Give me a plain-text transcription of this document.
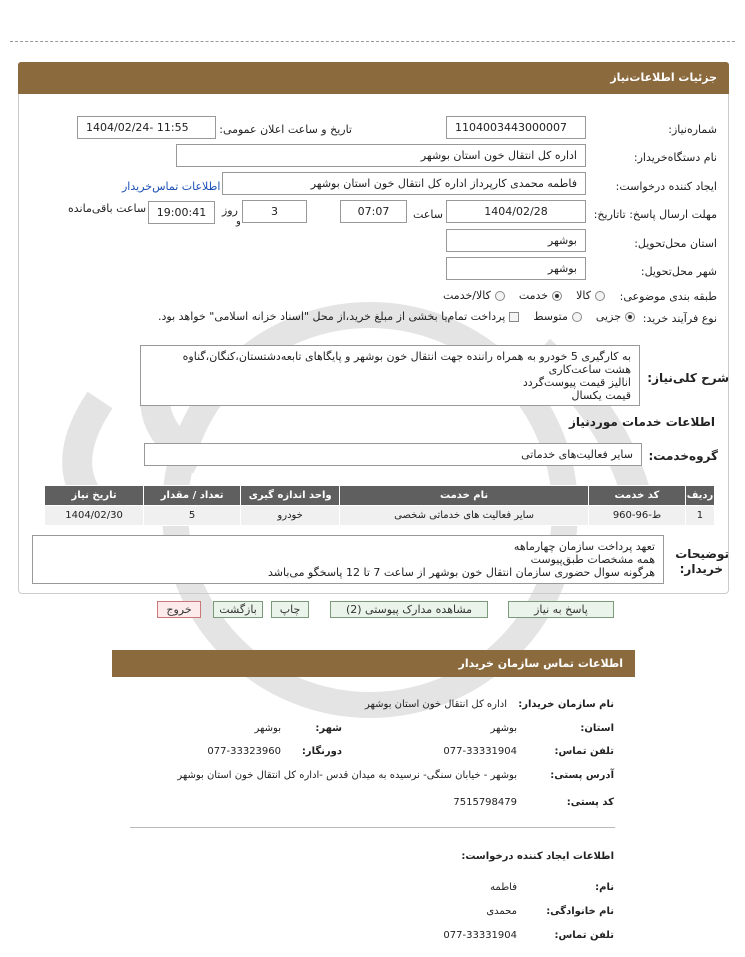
جزئیات اطلاعات‌نیاز
شماره‌نیاز:
1104003443000007
تاریخ و ساعت اعلان عمومی:
1404/02/24- 11:55
نام دستگاه‌خریدار:
اداره کل انتقال خون استان بوشهر
ایجاد کننده درخواست:
فاطمه محمدی کارپرداز اداره کل انتقال خون استان بوشهر
اطلاعات تماس‌خریدار
مهلت ارسال پاسخ: تاتاریخ:
1404/02/28
ساعت
07:07
3
روز
و
19:00:41
ساعت باقی‌مانده
استان محل‌تحویل:
بوشهر
شهر محل‌تحویل:
بوشهر
طبقه بندی موضوعی:
کالا
خدمت
کالا/خدمت
نوع فرآیند خرید:
جزیی
متوسط
پرداخت تمام‌یا بخشی از مبلغ خرید،از محل "اسناد خزانه اسلامی" خواهد بود.
شرح کلی‌نیاز:
به کارگیری 5 خودرو به همراه راننده جهت انتقال خون بوشهر و پایگاهای تابعه‌دشتستان،کنگان،گناوه
هشت ساعت‌کاری
انالیز قیمت پیوست‌گردد
قیمت یکسال
اطلاعات خدمات موردنیاز
گروه‌خدمت:
سایر فعالیت‌های خدماتی
ردیف	کد خدمت	نام خدمت	واحد اندازه گیری	تعداد / مقدار	تاریخ نیاز
1	ط-96-960	سایر فعالیت های خدماتی شخصی	خودرو	5	1404/02/30
توضیحات
خریدار:
تعهد پرداخت سازمان چهارماهه
همه مشخصات طبق‌پیوست
هرگونه سوال حضوری سازمان انتقال خون بوشهر از ساعت 7 تا 12 پاسخگو می‌باشد
پاسخ به نیاز
مشاهده مدارک پیوستی (2)
چاپ
بازگشت
خروج
اطلاعات تماس سازمان خریدار
نام سازمان خریدار:
اداره کل انتقال خون استان بوشهر
استان:
بوشهر
شهر:
بوشهر
تلفن تماس:
077-33331904
دورنگار:
077-33323960
آدرس پستی:
بوشهر - خیابان سنگی- نرسیده به میدان قدس -اداره کل انتقال خون استان بوشهر
کد پستی:
7515798479
اطلاعات ایجاد کننده درخواست:
نام:
فاطمه
نام خانوادگی:
محمدی
تلفن تماس:
077-33331904
